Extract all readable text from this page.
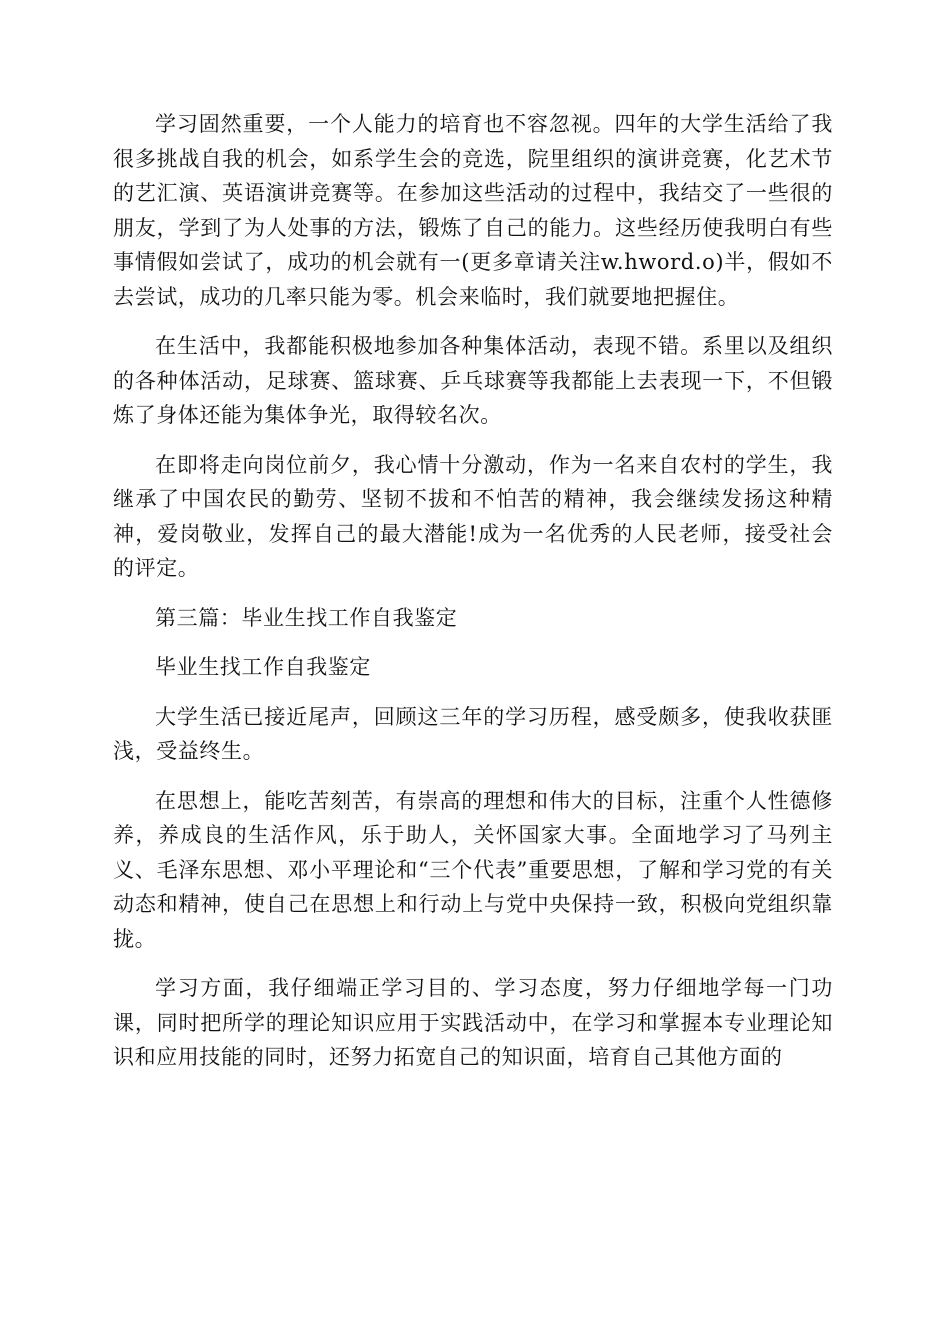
学习固然重要，一个人能力的培育也不容忽视。四年的大学生活给了我很多挑战自我的机会，如系学生会的竞选，院里组织的演讲竞赛，化艺术节的艺汇演、英语演讲竞赛等。在参加这些活动的过程中，我结交了一些很的朋友，学到了为人处事的方法，锻炼了自己的能力。这些经历使我明白有些事情假如尝试了，成功的机会就有一(更多章请关注w.hword.o)半，假如不去尝试，成功的几率只能为零。机会来临时，我们就要地把握住。

在生活中，我都能积极地参加各种集体活动，表现不错。系里以及组织的各种体活动，足球赛、篮球赛、乒乓球赛等我都能上去表现一下，不但锻炼了身体还能为集体争光，取得较名次。

在即将走向岗位前夕，我心情十分激动，作为一名来自农村的学生，我继承了中国农民的勤劳、坚韧不拔和不怕苦的精神，我会继续发扬这种精神，爱岗敬业，发挥自己的最大潜能!成为一名优秀的人民老师，接受社会的评定。

第三篇：毕业生找工作自我鉴定

毕业生找工作自我鉴定

大学生活已接近尾声，回顾这三年的学习历程，感受颇多，使我收获匪浅，受益终生。

在思想上，能吃苦刻苦，有崇高的理想和伟大的目标，注重个人性德修养，养成良的生活作风，乐于助人，关怀国家大事。全面地学习了马列主义、毛泽东思想、邓小平理论和“三个代表”重要思想，了解和学习党的有关动态和精神，使自己在思想上和行动上与党中央保持一致，积极向党组织靠拢。

学习方面，我仔细端正学习目的、学习态度，努力仔细地学每一门功课，同时把所学的理论知识应用于实践活动中，在学习和掌握本专业理论知识和应用技能的同时，还努力拓宽自己的知识面，培育自己其他方面的
